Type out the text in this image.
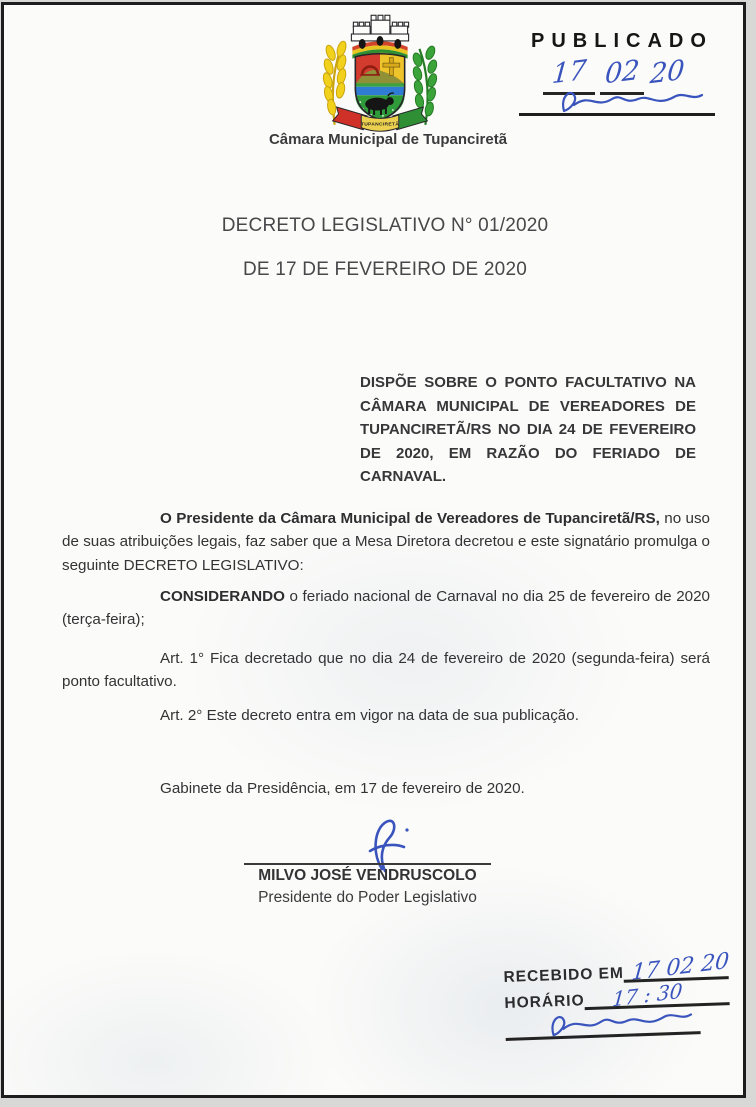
TUPANCIRETÃ
Câmara Municipal de Tupanciretã
PUBLICADO
17 02 20
DECRETO LEGISLATIVO N° 01/2020
DE 17 DE FEVEREIRO DE 2020
DISPÕE SOBRE O PONTO FACULTATIVO NA CÂMARA MUNICIPAL DE VEREADORES DE TUPANCIRETÃ/RS NO DIA 24 DE FEVEREIRO DE 2020, EM RAZÃO DO FERIADO DE CARNAVAL.
O Presidente da Câmara Municipal de Vereadores de Tupanciretã/RS, no uso de suas atribuições legais, faz saber que a Mesa Diretora decretou e este signatário promulga o seguinte DECRETO LEGISLATIVO:
CONSIDERANDO o feriado nacional de Carnaval no dia 25 de fevereiro de 2020 (terça-feira);
Art. 1° Fica decretado que no dia 24 de fevereiro de 2020 (segunda-feira) será ponto facultativo.
Art. 2° Este decreto entra em vigor na data de sua publicação.
Gabinete da Presidência, em 17 de fevereiro de 2020.
MILVO JOSÉ VENDRUSCOLO
Presidente do Poder Legislativo
RECEBIDO EM 17 02 20
HORÁRIO 17 : 30
